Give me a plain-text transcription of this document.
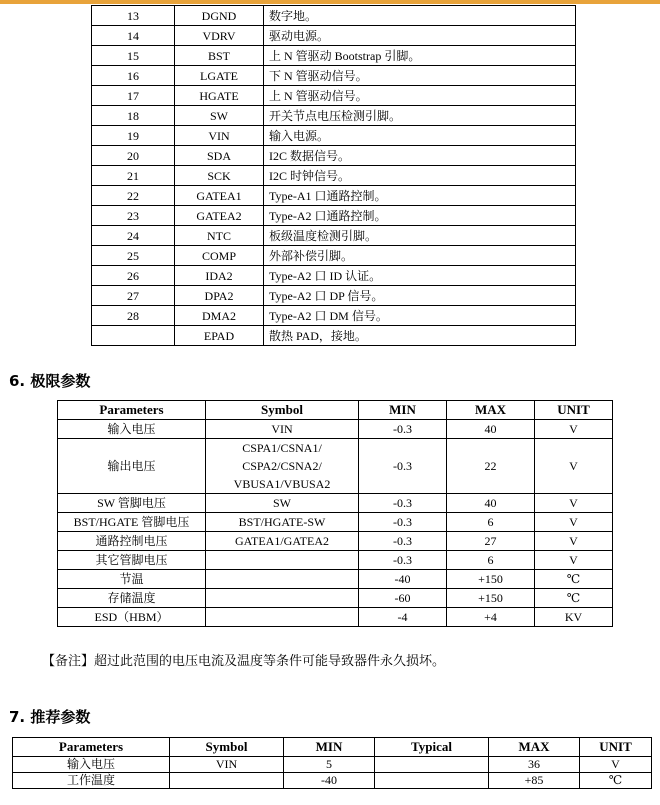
13	DGND	数字地。
14	VDRV	驱动电源。
15	BST	上 N 管驱动 Bootstrap 引脚。
16	LGATE	下 N 管驱动信号。
17	HGATE	上 N 管驱动信号。
18	SW	开关节点电压检测引脚。
19	VIN	输入电源。
20	SDA	I2C 数据信号。
21	SCK	I2C 时钟信号。
22	GATEA1	Type-A1 口通路控制。
23	GATEA2	Type-A2 口通路控制。
24	NTC	板级温度检测引脚。
25	COMP	外部补偿引脚。
26	IDA2	Type-A2 口 ID 认证。
27	DPA2	Type-A2 口 DP 信号。
28	DMA2	Type-A2 口 DM 信号。
	EPAD	散热 PAD，接地。
6. 极限参数
Parameters	Symbol	MIN	MAX	UNIT
输入电压	VIN	-0.3	40	V
输出电压	CSPA1/CSNA1/
CSPA2/CSNA2/
VBUSA1/VBUSA2	-0.3	22	V
SW 管脚电压	SW	-0.3	40	V
BST/HGATE 管脚电压	BST/HGATE-SW	-0.3	6	V
通路控制电压	GATEA1/GATEA2	-0.3	27	V
其它管脚电压		-0.3	6	V
节温		-40	+150	℃
存储温度		-60	+150	℃
ESD（HBM）		-4	+4	KV
【备注】超过此范围的电压电流及温度等条件可能导致器件永久损坏。
7. 推荐参数
Parameters	Symbol	MIN	Typical	MAX	UNIT
输入电压	VIN	5		36	V
工作温度		-40		+85	℃
